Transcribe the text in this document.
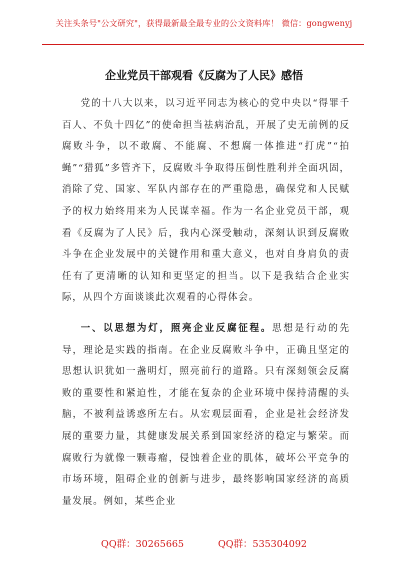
关注头条号"公文研究"，获得最新最全最专业的公文资料库！ 微信：gongwenyj
企业党员干部观看《反腐为了人民》感悟

党的十八大以来，以习近平同志为核心的党中央以“得罪千百人、不负十四亿”的使命担当祛病治乱，开展了史无前例的反腐败斗争，以不敢腐、不能腐、不想腐一体推进“打虎”“拍蝇”“猎狐”多管齐下，反腐败斗争取得压倒性胜利并全面巩固，消除了党、国家、军队内部存在的严重隐患，确保党和人民赋予的权力始终用来为人民谋幸福。作为一名企业党员干部，观看《反腐为了人民》后，我内心深受触动，深刻认识到反腐败斗争在企业发展中的关键作用和重大意义，也对自身肩负的责任有了更清晰的认知和更坚定的担当。以下是我结合企业实际，从四个方面谈谈此次观看的心得体会。

一、以思想为灯，照亮企业反腐征程。思想是行动的先导，理论是实践的指南。在企业反腐败斗争中，正确且坚定的思想认识犹如一盏明灯，照亮前行的道路。只有深刻领会反腐败的重要性和紧迫性，才能在复杂的企业环境中保持清醒的头脑，不被利益诱惑所左右。从宏观层面看，企业是社会经济发展的重要力量，其健康发展关系到国家经济的稳定与繁荣。而腐败行为就像一颗毒瘤，侵蚀着企业的肌体，破坏公平竞争的市场环境，阻碍企业的创新与进步，最终影响国家经济的高质量发展。例如，某些企业

QQ群：30265665	QQ群：535304092
